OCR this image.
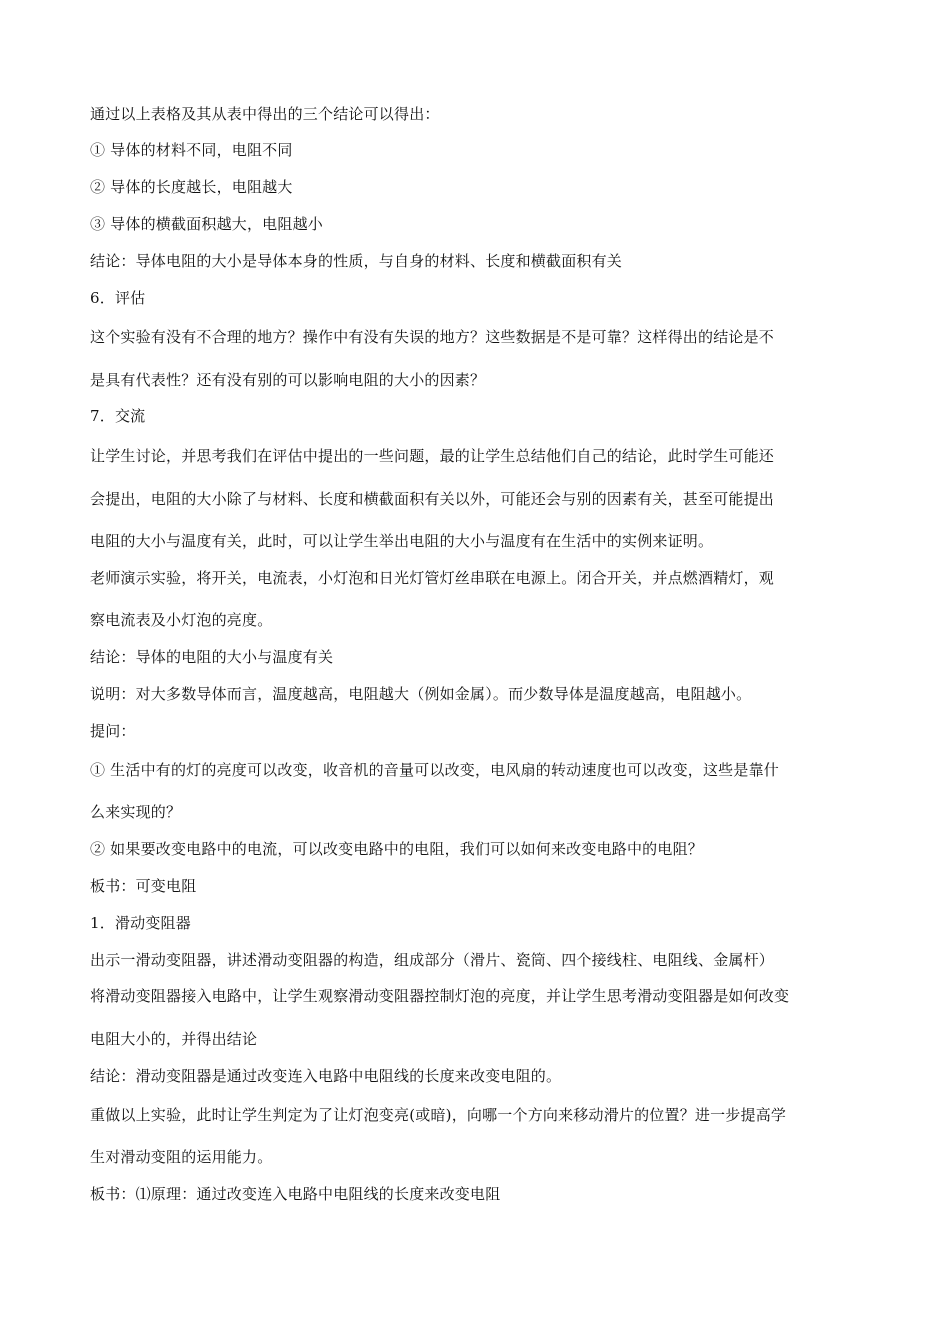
通过以上表格及其从表中得出的三个结论可以得出：
① 导体的材料不同，电阻不同
② 导体的长度越长，电阻越大
③ 导体的横截面积越大，电阻越小
结论：导体电阻的大小是导体本身的性质，与自身的材料、长度和横截面积有关
6．评估
这个实验有没有不合理的地方？操作中有没有失误的地方？这些数据是不是可靠？这样得出的结论是不
是具有代表性？还有没有别的可以影响电阻的大小的因素？
7．交流
让学生讨论，并思考我们在评估中提出的一些问题，最的让学生总结他们自己的结论，此时学生可能还
会提出，电阻的大小除了与材料、长度和横截面积有关以外，可能还会与别的因素有关，甚至可能提出
电阻的大小与温度有关，此时，可以让学生举出电阻的大小与温度有在生活中的实例来证明。
老师演示实验，将开关，电流表，小灯泡和日光灯管灯丝串联在电源上。闭合开关，并点燃酒精灯，观
察电流表及小灯泡的亮度。
结论：导体的电阻的大小与温度有关
说明：对大多数导体而言，温度越高，电阻越大（例如金属）。而少数导体是温度越高，电阻越小。
提问：
① 生活中有的灯的亮度可以改变，收音机的音量可以改变，电风扇的转动速度也可以改变，这些是靠什
么来实现的？
② 如果要改变电路中的电流，可以改变电路中的电阻，我们可以如何来改变电路中的电阻？
板书：可变电阻
1．滑动变阻器
出示一滑动变阻器，讲述滑动变阻器的构造，组成部分（滑片、瓷筒、四个接线柱、电阻线、金属杆）
将滑动变阻器接入电路中，让学生观察滑动变阻器控制灯泡的亮度，并让学生思考滑动变阻器是如何改变
电阻大小的，并得出结论
结论：滑动变阻器是通过改变连入电路中电阻线的长度来改变电阻的。
重做以上实验，此时让学生判定为了让灯泡变亮(或暗)，向哪一个方向来移动滑片的位置？进一步提高学
生对滑动变阻的运用能力。
板书：⑴原理：通过改变连入电路中电阻线的长度来改变电阻
